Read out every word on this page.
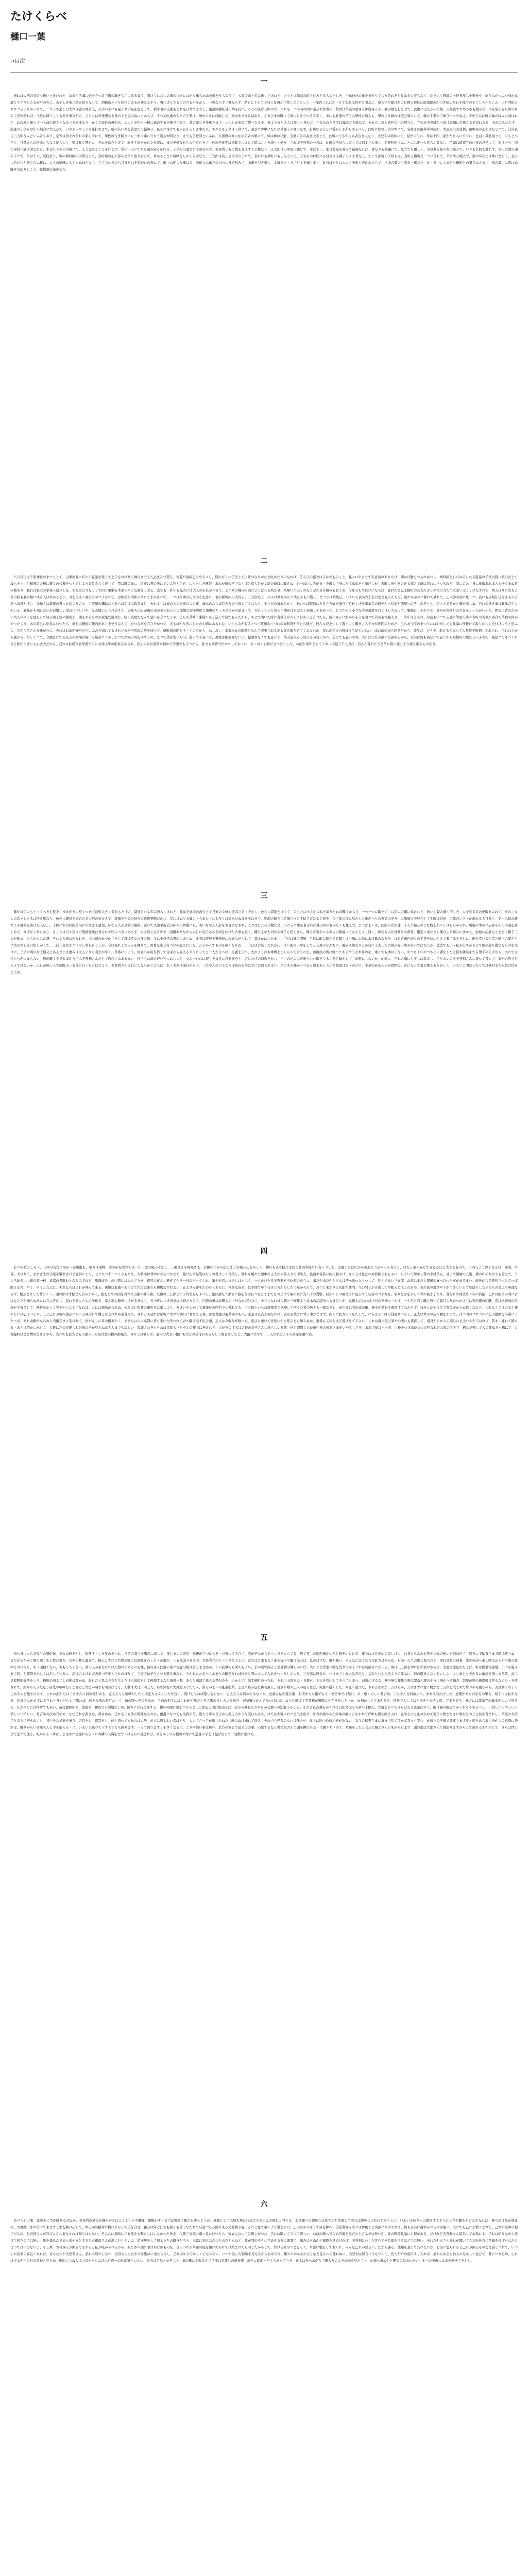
たけくらべ
樋口一葉
→目次

一

　廻れば大門の見返り柳いと長けれど、お歯ぐろ溝に燈火うつる三階の騒ぎも手に取る如く、明けくれなしの車の行来にはかり知られぬ全盛をうらなひて、大音寺前と名は佛くさけれど、さりとは陽氣の町と住みたる人の申しき、三嶋神社の角をまがりてより是れぞと見ゆる大厦もなく、かたぶく軒端の十軒長屋二十軒長や、商ひはかつふつ利かぬ處とて半さしたる雨戸の外に、あやしき形に紙を切りなして、胡粉ぬりくり彩色のある田樂みるやう、裏にはりたる串のさまもをかし、一軒ならず二軒ならず、朝日に干して夕日に仕舞ふ手當ことごとしく、一家内これにかゝりて夫れは何ぞと問ふに、知らずや霜月酉の日例の神社に欲深樣のかつぎ給ふ是れぞ熊手の下ごしらへといふ、正月門松とりすつるよりかゝりて、一年うち通しの夫れは誠の商賣人、片手わざにも夏より手足を色どりて、新年着の支度もこれをば當てぞかし、南無阿彌陀佛の時を打つ、そこの家はと聞けば、夫れも一つの時の間に遊ぶ女郎衆の、其實は茶屋の婆さん御姐さんが、我が娘を打たせて、此處に出入りの百姓一人毎夜すすめる相も變らず、又も空しき旦那の身の上を物語れば、今更に聞くことも無き事ながら、さりとは可愛想なる身の上と思はぬにもあらず、すべて此處の人々の生業は、廓中の者に付隨して、車夫あり女髪結あり、さまざまの職にて暮らしを立つる者多く、中にも此邊の子供は學校に通ふも、學校より歸れば遊び暮らして、親の手業の手傳ひ一つせぬは、やがては此町の廓の灯火に誘はれて、おのれも知らず一人前の遊人となるべき素地なり、かくて此町の風俗は、大人も子供も一樣に廓の空氣を吸ひて育ち、其言葉つき身振りまで、いつしか染みて變りたるを、外より來たる人は怪しと見れど、住みなれたる者は露ほども疑はず、それもこれも皆世の中の習ひと、さのみ不思議とも思はぬ顏に打過ぐるぞ哀れなる、夫れのみならず、此處の子供らは年の割合に大人びて、口のきゝやうより仕打ちまで、廓の若い衆を眞似ての振舞ひ、見るに付けても末おそろしき事なり、されども子供は子供にて、遊びに夢中になれば其樣子の罪のなさ、打眺むるほどに愛らしき所もあるべし、此町に住む子供の中にて、名高きは龍華寺の信如、大黒屋の美登利、田中屋の正太郎などにて、其外長吉三五郎なんどいふ者もあり、是等は皆それぞれの家の子にて、學校の行き歸りにも一所に連れ立ちて遊ぶ仲間なり、さても美登利といふは、大黒屋の寮に住める者の娘にて、姉は廓の花魁、全盛の名の高き大巻とて、此町にても知らぬ者なき人なり、美登利は其妹にて、紀州の生れ、年は十四、姿かたち人にすぐれ、色白く鼻筋通りて、口もと小さく、目鼻立ちの何處ともなく愛らしく、髪は長く豐かに、それを結ひ上げて、赤き手絡をかけたる姿は、まだ子供ながら人目をひきて、町の子供等は皆其下に從ひて遊ぶことを誇りとせり、されば美登利の一言は、此町の子供らに取りては何よりも重く、美登利が言ふことには誰一人逆らふ者なし、信如は龍華寺の住持の息子にて、年は十五、同じ學校に通ふ者なれど、生まれつきの内氣にて、人と交はることを好まず、常に一人にて本を讀み居るを好み、子供らの遊びにも加はらず、美登利とも言葉を交はすこと稀なり、正太郎は田中屋の孫にて、年は十三、家は質屋を營みて裕福なれば、身なりも綺麗にて、氣立ても優しく、美登利を姉の如く慕ひて、いつも其側を離れず、長吉は鳶の頭の子にて、年は十六、氣性荒く、町の横町組の大將として、表町組の正太郎らと常に張り合ひて、事あるごとに喧嘩をしかくる者なり、三五郎は貧しき車夫の子にて、表町にも横町にも出入りして、どちらの仲間にも付き合ふ調子のよき者なり、かくて此町の子供らは、表町と横町と二つに分れて、常に爭ひ絶えず、祭の時などは殊に烈しく、互ひに負けじと張り合ふ樣は、大人の喧嘩にも劣らぬほどなり、さても此年の八月廿日は千束神社の祭にて、町中は朝より賑はひ、子供らは揃ひの浴衣に身を包みて、山車を引き廻し、太鼓をたゝきて町々を練り歩く、此日ばかりは大人も子供も浮かれ立ちて、日頃の憂さも忘るゝ樣なり、かゝる中にも表町と横町との爭ひは止まず、祭の最中に思はぬ騒ぎの起りしこと、此物語の始めなり。

二

　八月廿日は千束神社のまつりとて、山車屋臺に町々の見榮を張りて土手をのぼりて廓内までも入込まんづ勢ひ、若者が氣組思ひやるべし、聞かぢりに子供とて由斷のなりがたき此あたりのなれば、そろひの裕衣は言はでものこと、銘々に申合せて生意氣のありたけ、聞かば膽もつぶれぬべし、横町組と自らゆるしたる亂暴の子供大將に頭の長とて歳も十六、仁和賀の金棒に親父の代理をつとめしより氣位ゑらく成りて、帶は腰の先に、返事は鼻の先にていふ物と定め、にくらしき風俗、あれが頭の子でなくばと鳶人足が女房の蔭口に聞えぬ、心一ぱいに我がまゝを徹して身に合はぬ巾をも廣げしが、表町に田中屋の正太郎とて歳は我れに三つ劣れど、家に金あり身に愛嬌あれば人も憎くまぬ當の敵あり、我れは私立の學校へ通ひしを、先方は公立なりとて同じ唱歌も本家のやうな顏をしおる、去年も一昨年も先方には大人の末社がつきて、まつりの趣向も我れよりは花を咲かせ、喧嘩に手出しのなりがたき仕組みも有りき、今年又もや負けにならば、誰れだと思ふ横町の長吉だぞと平常の力だては空いばりとけなされて、辨天ぼりに水およぎの折も我が組に成る人は多かるまじ、力を言はゞ我が方がつよけれど、田中屋が柔和ぶりにごまかされて、一つは學問が出來おるを恐れ、我が横町組の太郎吉、三五郎など、内々は彼方がたに成たるも口惜し、まつりは明後日、いよいよ我が方が負け色と見えたらば、破れかぶれに暴れて暴れて、正太郎が面に疵一つ、我れも片眼片足なきものと思へば爲やすし、加擔人は車屋の丑に元結よりの文、手遊屋の彌助などあらば引けは取るまじ、夫れよりは彼の人の事彼の人の事、藤本のならば宜き智惠も貸してくれんと、十八日の暮れちかく、物いへば眼口にうるさき蚊を拂ひて竹村しげき龍華寺の庭先から信如が部屋へのそりのそりと、信さん居るかと顏を出しぬ、己れの爲る事は亂暴だと人がいふ、亂暴かも知れないが口惜しい事は口惜しいや、なあ聞いとくれ信さん、去年も己れが處の末の弟の奴と正太郎組の短小野郎と萬燈のたゝき合ひから始まって、夫れといふと奴の中間がばらばらと飛出しやあがって、どうだらう小さな者の萬燈を打こはしちまって、胴揚にしやがつて、見やがれ横町のざまをと一人がいふと、間拔に背のたかい大人のやうな面をして居る團子屋の頓馬が、頭もあるものか尻尾だ尻尾だ、豚の尻尾だなんて惡口を言つたとさ、己らあ其時千束樣へねり込んで居たもんだから、あとで聞いた時に直樣仕かへしに行かうと言つたら、親父さんに頭から小言を喰つて其時も泣寢入り、一昨年はそらね、お前も知つてる通り筆屋の店へ表町の若衆が寄合て茶番か何かやつたらう、あの時己れが見に行つたら、横町は横町の趣向がありませうなんて、おつな事を言ひやがつて、正太ばかり客にしたのも胸にあるわな、いくら金が有るとつて質屋のくづれの高利貸が何たら樣だ、彼んな奴を生して置くより擲きころす方が世間のためだ、己らあ今度のまつりには如何しても亂暴に仕掛けて取りかへしを付けようと思ふよ、だから信さん友達がひに、夫れはお前が嫌やだといふのも知れてるけれども何卒我れの肩を持つて、横町組の恥をすゝぐのだから、ね、おい、本家本元の唱歌だなんて威張りおる正太郎を取ちめてくれないか、我れが私立の寢ぼけ生徒といはれゝばお前の事も同然だから、後生だ、どうぞ、助けると思つて大萬燈を振廻しておくれ、己れは心から底から口惜しくつて、今度負けたら長吉の立端は無いと無茶にくやしがつて大幅の肩をゆすりぬ、だつて僕は弱いもの、弱くても宜いよ、萬燈は振廻せないよ、振廻さなくても宜いよ、僕が這入ると負けるが宜いかへ、負けても宜いのさ、夫れは仕方が無いと諦めるから、お前は何も爲ないで宜いから唯横町の組だといふ名で、威張つてさへくれると豚かつぎにも心丈夫だから、己れは此樣な無學漢だのにお前は學が出來るからね、向ふの奴が漢語か何かで冷語でも言つたら、此方も漢語で仕かへしておくれ、あゝ好い心持ださつぱりした、お前が承知をしてくれゝば最う千人力だ、信さん有がたうと常に無い優しき言葉も出るものなり。

三

　解かば足にもとゞくべき毛髪を、根あがりに堅くつめて前髪大きく髷おもたげの、赭熊といふ名は恐ろしけれど、此髷を此頃の流行とて良家の令嬢も遊ばさるゝぞかし、色白に鼻筋とほりて、口もとは小さからねど締りたれば醜くからず、一つ一つに取たてゝは美人の鑑に遠けれど、物いふ聲の細く清しき、人を見る目の愛敬あふれて、身のこなしの活々したるは快き物なり、柿色に蝶鳥を染めたる大形の裕衣きて、黒襦子と染分絞りの晝夜帶胸だかに、足にはぬり木履こゝらあたりにも多くは見かけぬ高きをはきて、朝湯の歸りに首筋白々と手拭さげたる立姿を、今三年の後に見たしと廓がへりの若者は申き、大黒屋の美登利とて生國は紀州、言葉のいさゝか訛れるも可愛く、第一は切れ離れよき氣象を喜ばぬ人なし、子供に似合ぬ銀貨入れの重きも道理、姉なる人が全盛の餘波、延いては遣手新造が姉への世辭にも、美いちやん人形をお買ひなされ、これはほんの手鞠代と、くれるに恩を着せねば貰ふ身の有がたくも覺えず、まくはまくは、同級の女生徒二十人に揃ひのごむ鞠を與へしはおろかの事、馴染の筆やに店ざらしの手遊を買しめて、喜ばせし事もあり、さりとは日々夜々の散財此歳此身分にて叶ふべきにあらず、末は何となる身ぞ、兩親ありながら大目に見てあらき詞をかけたる事も無く、樓の主が大切がる樣子も怪しきに、聞けば養女にもあらず親戚にてはもとより無く、姉なる人が身賣りの當時、鑑定に來たりし樓の主が誘ひにまかせ、此地に活計もとむとて親子三人が旅衣、たち出しは此譯、それより奧は何なれや、今は寮のあづかりをして母は遊女の仕立物、父は小格子の書記に成りぬ、此身は遊藝手藝學校にも通はせられて、其ほかは心のまゝ、半日は姉の部屋、半日は町に遊んで見聞くは三味に太鼓にあけ紫のなり形、はじめ藤色絞りの半襟を袷にかけて着て歩るきしに、田舍者いなか者と町内の娘どもに笑はれしを口惜しがりて、三日三夜泣きつゞけし事も有りしが、今は我れより人々を嘲りて、野暮な姿と打つけの惡まれ口を、言ひかへすものも無くなりぬ、二十日はお祭りなれば心一ぱい面白い事をしてと友達のせがむに、趣向は何なりと各自に工夫して大勢の好い事が好いではないか、幾金でもいゝ私が出すからとて例の通り勘定なしの引受けに、子供中間の女王樣又とあるまじき惠みは大人よりも利きが早く、茶番にしよう、何處のか店を借りて往來から見えるやうにしてと一人が言へば、馬鹿を言へ、夫れよりはお神輿をこしらへておくれな、蒲田屋の奧に飾つてあるやうな本當のを、重くても搆はしない、やつちよいやつちよい譯なしだと捩ぢ鉢卷をする男子のそばから、夫れでは私たちがつまらない、皆が騷ぐを見るばかりでは美登利さんだとて面白くはあるまい、何でもお前の好い物におしよと、女の一むれは祭りを拔きに常盤座をと、言ひたげの口振をかし、田中の正太は可愛らしい眼をぐるぐると動かして、幻燈にしないか、幻燈に、己れの處にも少しは有るし、足りないのを美登利さんに買つて貰つて、筆やの店で行らうではないか、己れが映し人で横町の三五郎に口上を言はせよう、美登利さん夫れにしないかと言へば、あゝ夫れは面白からう、三ちやんの口上ならば誰れも笑はずには居られまい、序にあの顏がうつると猶おもしろいと相談はとゝのひて、不足の品を正太が買物役、汗になりて飛び廻るもをかしく、いよいよ明日となりては横町までも其沙汰きこえぬ。

四

　打つや鼓のしらべ、三味の音色に事かゝぬ場處も、祭りは別物、酉の市を除けては一年一度の賑ひぞかし、三嶋さま小野照さま、お隣社づから負けまじの競ひ心をかしく、横町も表も揃ひは同じ眞岡木綿に町名くづしを、去歳よりは好からぬ形とつぶやくも有けり、口なし染の麻だすきなるほど太きを好みて、十四五より以下なるは、達磨、木兎、犬はり子、さまざまの手遊を數多きほど見得にして、七つ九つ十一つくるもあり、大鈴小鈴背中にがらつかせて、駈け出す足袋はだしの勇ましく可笑し、群れを離れて田中の正太が赤筋入りの印半天、色白の首筋に紺の腹がけ、さりとは見なれぬ扮粧とおもふに、しごいて締めし帶の水淺黄も、見よや縮緬の上染、襟の印のあがりも際立て、うしろ鉢卷に山車の花一枝、革緒の雪駄おとのみはすれど、馬鹿ばやしの中間には入らざりき、夜宮は事なく過ぎて今日一日の日も夕ぐれ、筆やが店に寄合しは十二人、一人かけたる美登利が夕化粧の長さに、未だか未だかと正太は門へ出つ入りつして、呼んで來い三五郎、お前はまだ大黒屋の寮へ行つた事があるまい、庭先から美登利さんと言へば聞える筈、早く、早くと言ふに、夫れならば己れが呼んで來る、萬燈は此處へあづけて行けば誰れも蝋燭ぬすむまい、正太さん番をたのむとあるに、吝嗇な奴め、其手間で早く行けと我が年したに叱かられて、おつと來たさの次郎左衞門、今の間とかけ出して韋駄天とはこれをや、あれ彼の飛びやうが可笑しいとて見送りし女子どもの笑ふも無理ならず、横ぶとりして背ひくゝ、頭の形は才槌とて首みじかく、振むけての面を見れば出額の獅子鼻、反歯の三五郎といふ仇名おもふべし、色は論なく黒きに感心なは目つきどこまでもおどけて兩の頬に笑くぼの愛敬、目かくしの福笑ひに見るやうな眉のつき方も、さりとはをかしく罪の無き子なり、貧なれや阿波ちゞみの筒袖、己れは揃ひが間に合はなんだと知らぬ友には言ふぞかし、我れを頭に六人の子供を、養ふ親も轅棒にすがる身なり、五十軒によき得意場は持たりとも、内證の車は商賣ものゝ外なれば詮なく、十三になれば片腕と一昨年より並木の活版所へも通ひしが、怠惰ものなれば十日の辛棒つゞかず、一ト月と同じ職も無くて霜月より春へかけては突羽根の内職、夏は檢査場の氷屋が手傳ひして、呼聲をかしく客を引くに上手なれば、人には調法がられぬ、去年は仁和賀の臺引きに出しより、友達いやしがりて萬年町の呼名今に殘れども、三五郎といへば滑稽者と承知して憎くむ者の無きも一徳なりし、田中屋は我が命の綱、親子が蒙むる御恩すくなからず、日歩とかや言ひて利金安からぬ借りなれど、これなくてはの金主樣あだには思ふべしや、三公己れが町へ遊びに來いと呼ばれて嫌とは言はれぬ義理あり、されども我れは横町に生れて横町に育ちたる身、住む地處は龍華寺のもの、家主は長吉が親なれば、表むき彼方に背く事かなはず、内々に此方の用をたして、にらまるゝ時の役廻りつらし、正太は筆やの店へ腰をかけて、待つ間のつれづれに忍ぶ戀路を小聲にうたへば、あれ由斷がならぬと内儀さまに笑はれて、何がなしに耳の根あかく、まぎらはしに高聲に皆も來いと呼つれて表へ驅け出す出合頭、正太は夕飯なぜ喰べぬ、遊びに耄けて先刻にから呼ぶをも知らぬか、誰樣も又のちほど遊ばせて下され、これは御世話と筆やの妻にも挨拶して、祖母が自からの迎ひに正太いやが言はれず、其まゝ連れて歸らるゝあとは俄かに淋しく、人數は左のみ變らねど彼の子が見えねば大人までも寂しい、馬鹿さわぎもせねば串談も三ちやんの樣では無けれど、人好きのするは金持の息子さんに珍らしい愛敬、何と御覽じたか田中屋の後家さまがいやらしさを、あれで年は六十四、白粉をつけぬがめつけ物なれど丸髷の大きさ、猫なで聲して人の死ぬをも搆はず、大方臨終は金と情死なさるやら、夫れでも此方どもの頭の上らぬは彼の物の御威光、さりとは欲しや、廓内の大きい樓にも大分の貸付があるらしう聞きましたと、大路に立ちて二三人の女房よその財産を數へぬ。

五

　待つ身につらき夜半の置炬燵、それは戀ぞかし、吹風すゞしき夏の夕ぐれ、ひるの暑さを風呂に流して、身じまいの姿見、母親が手づからそゝけ髮つくろひて、我が子ながら美くしきを立ちて見、居て見、首筋が薄かつたと猶ぞいひける、單衣は水色友仙の凉しげに、白茶金らんの丸帶少し幅の狹いを結ばせて、庭石に下駄直すまで時は移りぬ、まだかまだかと塀の廻りを七度び廻り、欠伸の數も盡きて、拂ふとすれど名物の蚊に首筋額ぎわしたゝか螫れ、三五郎弱りきる時、美登利立出でゝいざと言ふに、此方は言葉もなく袖を捉へて驅け出せば、息がはずむ、胸が痛い、そんなに急ぐならば此方は知らぬ、お前一人でお出と怒られて、別れ別れの到着、筆やの店へ來し時は正太が夕飯の最中とおぼえし、あゝ面白くない、おもしろくない、彼の人が來なければ幻燈はじめるのも嫌、伯母さん此處の家に智惠の板は賣りませぬか、十六武藏でも何でもよい、手が暇で困ると美登利の淋しがれば、夫れよと即坐に鋏を借りて女子づれは切拔きにかゝる、男は三五郎を中に仁和賀のさらひ、北廓全盛見わたせば、軒は提燈電氣燈、いつも賑ふ五丁町、と諸聲をかしくはやし立つるに、記憶のよければ去年一昨年とさかのぼりて、手振手拍子ひとつも變る事なし、うかれ立たる十人あまりの騷ぎなれば何事と門に立ちて人垣をつくりし中より、三五郎は居るか、一寸來てくれ大急ぎだと、文次といふ元結よりの呼ぶに、何の用意もなくおいしよ、よし來たと身がるに敷居を飛こゆる時、此二タ股野郎覺悟をしろ、横町の面よごしめ唯は置かぬ、誰れだと思ふ長吉だ生ふざけた眞似をして後悔するなと頬骨一撃、あつと魂消て逃入る襟がみを、つかんで引出す横町の一むれ、それ三五郎をたゝき殺せ、正太を引出してやつてしまへ、弱虫にげるな、團子屋の頓馬も唯は置ぬと潮のやうに沸かへる騷ぎ、筆屋が軒の掛提燈は苦もなくたゝき落されて、釣りらんぷ危なし店先の喧嘩なりませぬと女房が喚きも聞かばこそ、人數は大凡十四五人、ねぢ鉢卷に大萬燈ふりたてゝ、當るがまゝの亂暴狼藉、土足に踏み込む傍若無人、目ざす敵の正太が見えねば、何處へ隱くした、何處へ逃げた、さあ言はぬか、言はぬか、言はさずに置く物かと三五郎を取こめて撃つやら蹴るやら、美登利くやしく止める人を掻きのけて、これお前がたは三ちやんに何の咎がある、正太さんと喧嘩がしたくば正太さんとしたが宜い、逃げもせねば隱しもしない、正太さんは居ぬではないか、此處は私が遊び處、お前がたに指でもさゝせる事では無い、ゑゝ憎くらしい長吉め、三ちやんを何故ぶつ、あれ又引たほした、意趣があらば私をお撃ち、相手には私がなる、伯母さん止めずに下されと身もだへして罵れば、何を女郎め頬桁たゝく、姉の跡つぎの乞食め、手前の相手にはこれが相應だと多人數のうしろより長吉、泥草履つかんで投つければ、ねらひ違はず美登利が額際にむさき物したゝか、血相かへて立あがるを、怪我でもしてはと抱きとむる女房、ざまを見ろ、此方には龍華寺の藤本がついて居るぞ、仕かへしには何時でも來い、薄馬鹿野郎め、弱虫め、腰ぬけの活地なしめ、歸りには待伏せする、横町の闇に氣をつけろと三五郎を土間に投出せば、折から靴音たれやらが交番への注進今ぞしる、それと長吉聲をかくれば丑松文次その余の十餘人、方角をかへてばらばらと逃足はやく、拔け裏の細道にかくれるもあるべし、口惜しいくやしい口惜しい口惜しい、長吉め文次め丑松め、なぜ己れを殺さぬ、殺さぬか、己れも三五郎だ唯死ぬものか、幽靈になつても取殺すぞ、覺えて居ろ長吉めと湯玉のやうな涙はらはら、はては大聲にわつと泣き出す、身内や痛からん筒袖の處々引さかれて背中も腰も砂まぶれ、止めるにも止めかねて勢ひの悽まじさに唯おどおどと氣を呑まれし、筆屋の女房走り寄りて抱きおこし、背中をなで砂を拂ひ、堪忍をし、堪忍をし、何と思つても先方は大勢、此方は皆よわい者ばかり、大人でさへ手が出しかねたに叶はぬは知れて居る、夫れでも怪我のないは仕合せ、此上は途中の待ぶせが危ない、幸ひの巡査さまに家まで見て頂かば我々も安心、此通りの子細で御座ります故と筋をあらあら折からの巡査に語れば、職掌がらいざ送らんと手を取らるゝに、いゑいゑ送つて下さらずとも歸ります、一人で歸りますと小さくなるに、こりや怕い事は無い、其方の家まで送る分の事、心配するなと微笑を含んで頭を撫でらるゝに彌々ちゞみて、喧嘩をしたと言ふと親父さんに叱かられます、頭の家は大家さんで御座りますからとて凋れるをすかして、さらば門口まで送つて遣る、叱からるゝ事はしませぬわと連れらるゝに四隣の人胸をなでゝはるかに見送れば、何とかしけん横町の角にて巡査の手をば振はなして一目散に逃げぬ。

六

　めづらしい事、此炎天に雪が降りはせぬか、美登利が學校を嫌やがるはよくよくの不機嫌、朝飯がすゝまずば後刻に鮨でも誂へようか、風邪にしては熱も無ければ大方きのふの疲れと見える、太郎樣への朝參りは母さんが代理してやれば御免こふむれとありしに、いゑいゑ姉さんの繁昌するやうにと私が願をかけたのなれば、參らねば氣が濟まぬ、お賽錢下され行つて來ますと家を驅け出して、中田圃の稻荷に鰐口ならして手を合せ、願ひは何ぞ行きも歸りも首うなだれて畦道づたひ歸り來る美登利が姿、それと見て遠くより聲をかけ、正太はかけ寄りて袂を押へ、美登利さん昨夕は御免よと突然にあやまれば、何もお前に謝罪られる事は無い、夫れでも己れが憎くまれて、己れが喧嘩の相手だもの、お祖母さんが呼びにさへ來なければ歸りはしない、そんなに無暗に三五郎をも撃たしはしなかつた物を、今朝三五郎の處へ見に行つたら、彼奴も泣いて口惜しがつた、己れは聞いてさへ口惜しい、お前の顏へ長吉め草履を投げたと言ふでは無いか、彼の野郎亂暴にも程がある、だけれど美登利さん堪忍してお呉れよ、己れは知りながら逃げて居たのでは無い、飯を掻込んで表へ出やうとするとお祖母さんが湯に行くといふ、留守居をして居るうちの騷ぎだろう、本當に知らなかつたのだからねと、我が罪のやうに平あやまりに謝罪て、痛みはせぬかと額際を見あげれば、美登利につこり笑ひて何負傷をするほどでは無い、夫れだが正さん誰れが聞いても私が長吉に草履を投げられたと言つてはいけないよ、もし萬一お母さんが聞きでもすると私が叱かられるから、親でさへ頭に手はあげぬものを、長吉づれが草履の泥を額にぬられては踏まれたも同じだからとて、背ける顏のいとをしく、本當に堪忍しておくれ、みんな己れが惡るい、だから謝る、機嫌を直して呉れないか、お前に怒られると己れが困るものをと話しつれて、いつしか我家の裏近く來れば、寄らないか美登利さん、誰れも居やしない、祖母さんも日がけを集めに出たらうし、己ればかりで淋しくてならない、いつか話した錦繪を見せるからお寄りな、種々のがあるからと袖を捉らへて離れぬに、美登利は無言にうなづいて、侘た折戸の庭口より入れば、廣からねども鉢ものをかしく並びて、軒につり忍艸、これは正太が午の日の買物と見えぬ、理由しらぬ人は小首やかたぶけん町内一の財産家といふに、家内は祖母と此子二人、萬の鍵に下腹冷えて留守は見渡しの總長屋、流石に錠前くだくもあらざりき、正太は先へあがりて風入りのよき場處を見たてゝ、此處へ來ぬかと團扇の氣あつかい、十三の子供にはませ過ぎてをかし。
